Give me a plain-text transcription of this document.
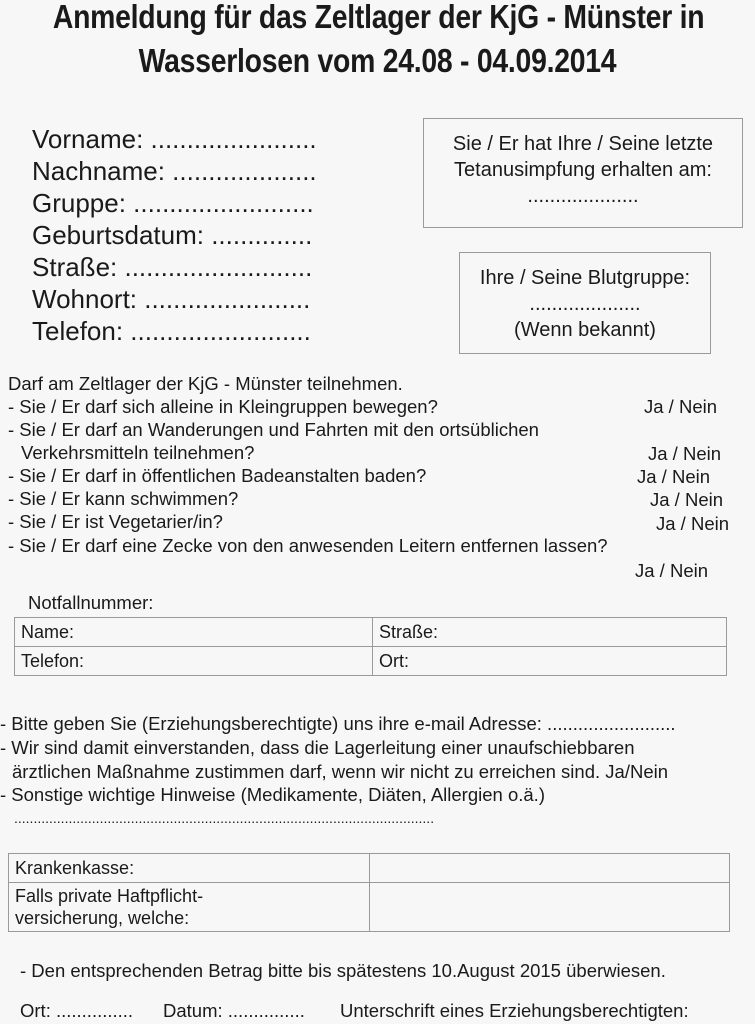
Anmeldung für das Zeltlager der KjG - Münster in
Wasserlosen vom 24.08 - 04.09.2014
Vorname: .......................
Nachname: ....................
Gruppe: .........................
Geburtsdatum: ..............
Straße: ..........................
Wohnort: .......................
Telefon: .........................
Sie / Er hat Ihre / Seine letzte
Tetanusimpfung erhalten am:
....................
Ihre / Seine Blutgruppe:
....................
(Wenn bekannt)
Darf am Zeltlager der KjG - Münster teilnehmen.
- Sie / Er darf sich alleine in Kleingruppen bewegen?	Ja / Nein
- Sie / Er darf an Wanderungen und Fahrten mit den ortsüblichen
Verkehrsmitteln teilnehmen?	Ja / Nein
- Sie / Er darf in öffentlichen Badeanstalten baden?	Ja / Nein
- Sie / Er kann schwimmen?	Ja / Nein
- Sie / Er ist Vegetarier/in?	Ja / Nein
- Sie / Er darf eine Zecke von den anwesenden Leitern entfernen lassen?
Ja / Nein
Notfallnummer:
Name:	Straße:
Telefon:	Ort:
- Bitte geben Sie (Erziehungsberechtigte) uns ihre e-mail Adresse: .........................
- Wir sind damit einverstanden, dass die Lagerleitung einer unaufschiebbaren
ärztlichen Maßnahme zustimmen darf, wenn wir nicht zu erreichen sind. Ja/Nein
- Sonstige wichtige Hinweise (Medikamente, Diäten, Allergien o.ä.)
............................................................................................................
Krankenkasse:	

Falls private Haftpflicht-
versicherung, welche:	

- Den entsprechenden Betrag bitte bis spätestens 10.August 2015 überwiesen.
Ort: ............... Datum: ............... Unterschrift eines Erziehungsberechtigten:
